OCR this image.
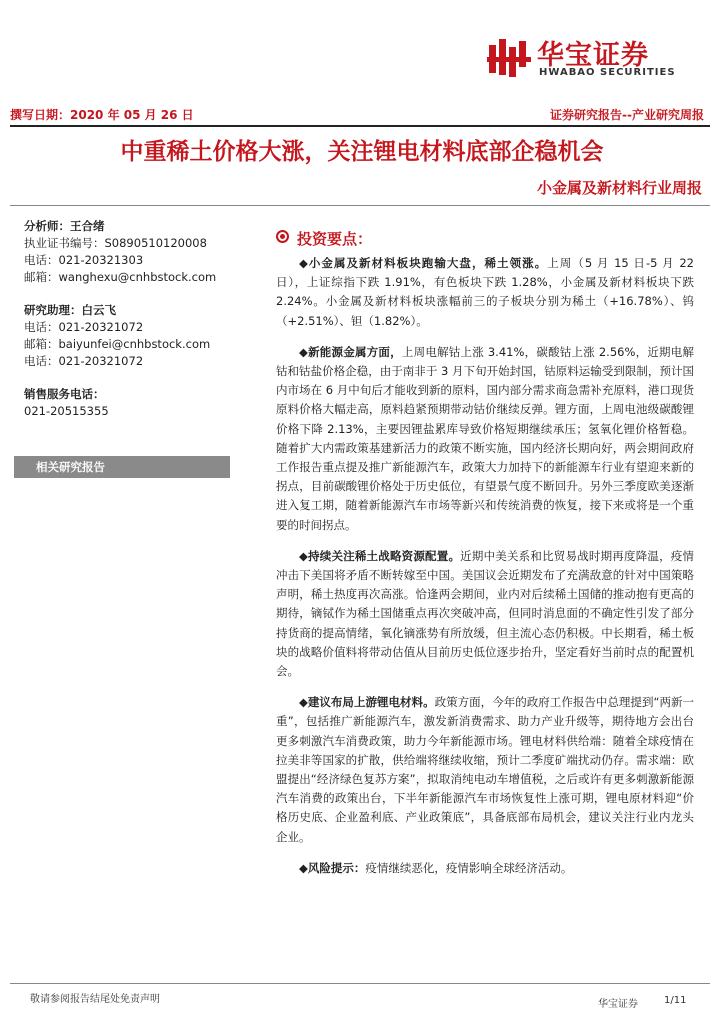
华宝证券
HWABAO SECURITIES
撰写日期：2020 年 05 月 26 日	证券研究报告--产业研究周报
中重稀土价格大涨，关注锂电材料底部企稳机会
小金属及新材料行业周报
分析师：王合绪
执业证书编号：S0890510120008
电话：021-20321303
邮箱：wanghexu@cnhbstock.com
研究助理：白云飞
电话：021-20321072
邮箱：baiyunfei@cnhbstock.com
电话：021-20321072
销售服务电话：
021-20515355
相关研究报告
投资要点：

◆小金属及新材料板块跑输大盘，稀土领涨。上周（5 月 15 日-5 月 22 日），上证综指下跌 1.91%，有色板块下跌 1.28%，小金属及新材料板块下跌 2.24%。小金属及新材料板块涨幅前三的子板块分别为稀土（+16.78%）、钨（+2.51%）、钽（1.82%）。

◆新能源金属方面，上周电解钴上涨 3.41%，碳酸钴上涨 2.56%，近期电解钴和钴盐价格企稳，由于南非于 3 月下旬开始封国，钴原料运输受到限制，预计国内市场在 6 月中旬后才能收到新的原料，国内部分需求商急需补充原料，港口现货原料价格大幅走高，原料趋紧预期带动钴价继续反弹。锂方面，上周电池级碳酸锂价格下降 2.13%，主要因锂盐累库导致价格短期继续承压；氢氧化锂价格暂稳。随着扩大内需政策基建新活力的政策不断实施，国内经济长期向好，两会期间政府工作报告重点提及推广新能源汽车，政策大力加持下的新能源车行业有望迎来新的拐点，目前碳酸锂价格处于历史低位，有望景气度不断回升。另外三季度欧美逐渐进入复工期，随着新能源汽车市场等新兴和传统消费的恢复，接下来或将是一个重要的时间拐点。

◆持续关注稀土战略资源配置。近期中美关系和比贸易战时期再度降温，疫情冲击下美国将矛盾不断转嫁至中国。美国议会近期发布了充满敌意的针对中国策略声明，稀土热度再次高涨。恰逢两会期间，业内对后续稀土国储的推动抱有更高的期待，镝铽作为稀土国储重点再次突破冲高，但同时消息面的不确定性引发了部分持货商的提高情绪，氧化镝涨势有所放缓，但主流心态仍积极。中长期看，稀土板块的战略价值料将带动估值从目前历史低位逐步抬升，坚定看好当前时点的配置机会。

◆建议布局上游锂电材料。政策方面，今年的政府工作报告中总理提到“两新一重”，包括推广新能源汽车，激发新消费需求、助力产业升级等，期待地方会出台更多刺激汽车消费政策，助力今年新能源市场。锂电材料供给端：随着全球疫情在拉美非等国家的扩散，供给端将继续收缩，预计二季度矿端扰动仍存。需求端：欧盟提出“经济绿色复苏方案”，拟取消纯电动车增值税，之后或许有更多刺激新能源汽车消费的政策出台，下半年新能源汽车市场恢复性上涨可期，锂电原材料迎“价格历史底、企业盈利底、产业政策底”，具备底部布局机会，建议关注行业内龙头企业。

◆风险提示：疫情继续恶化，疫情影响全球经济活动。

敬请参阅报告结尾处免责声明	华宝证券	1/11
